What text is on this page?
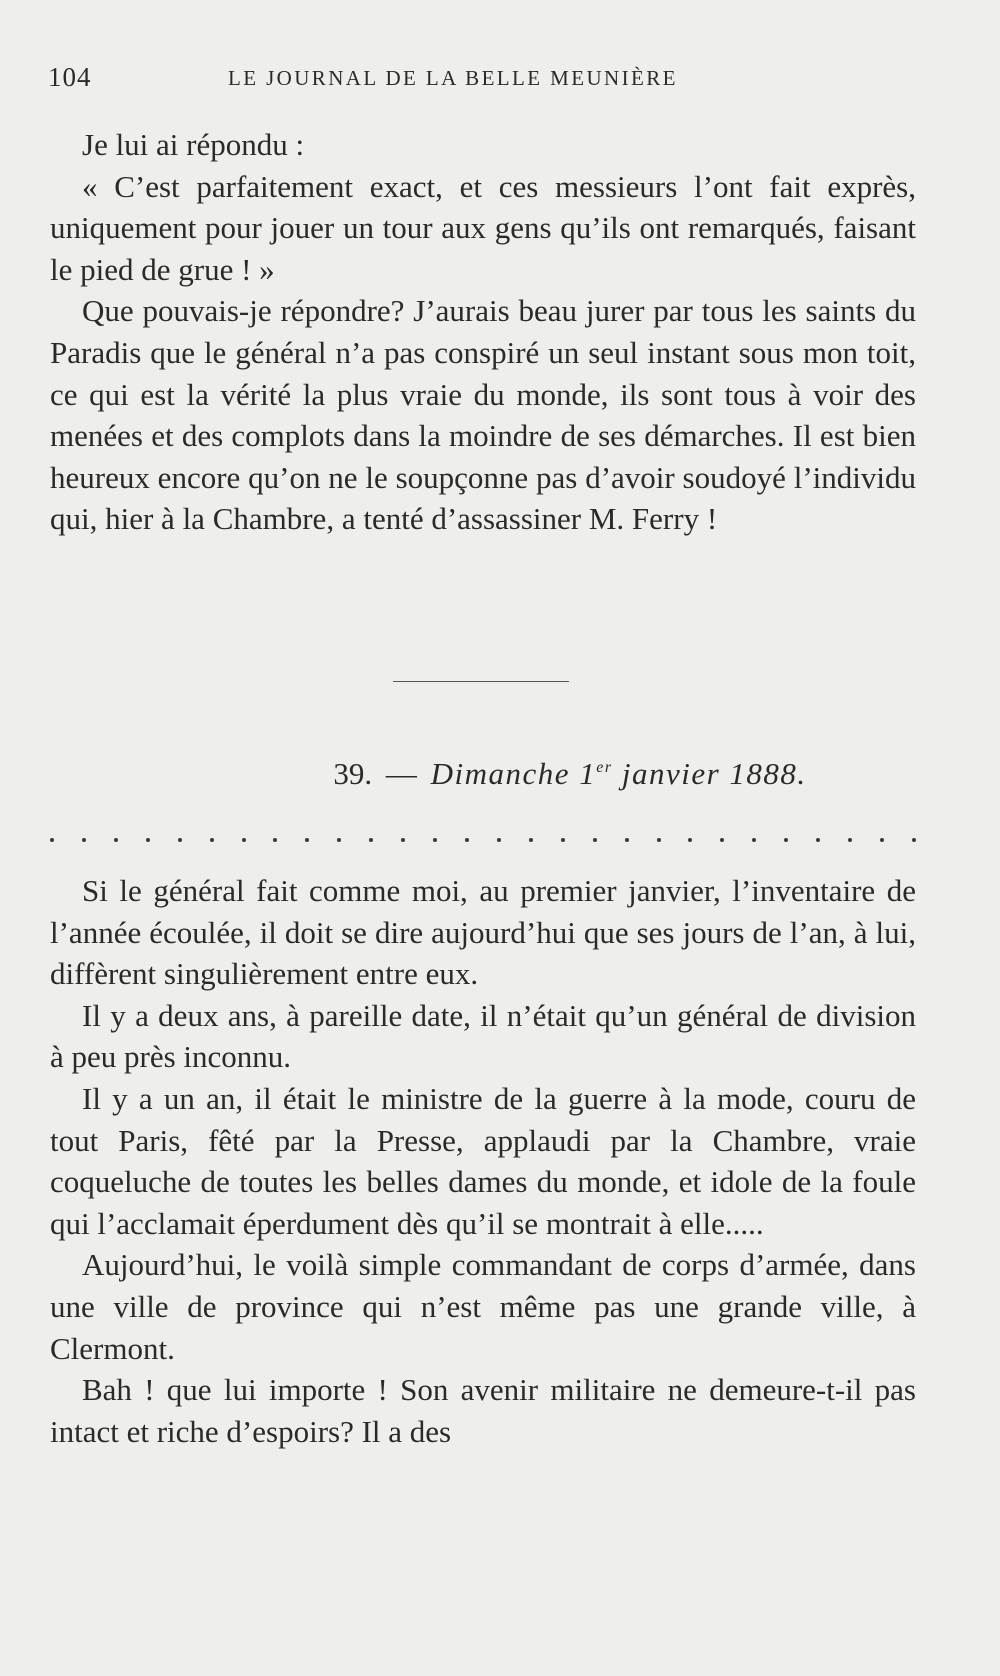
104	LE JOURNAL DE LA BELLE MEUNIÈRE

Je lui ai répondu :

« C’est parfaitement exact, et ces messieurs l’ont fait exprès, uniquement pour jouer un tour aux gens qu’ils ont remarqués, faisant le pied de grue ! »

Que pouvais-je répondre? J’aurais beau jurer par tous les saints du Paradis que le général n’a pas conspiré un seul instant sous mon toit, ce qui est la vérité la plus vraie du monde, ils sont tous à voir des menées et des complots dans la moindre de ses démarches. Il est bien heureux encore qu’on ne le soupçonne pas d’avoir soudoyé l’individu qui, hier à la Chambre, a tenté d’assassiner M. Ferry !

39. — Dimanche 1er janvier 1888.

Si le général fait comme moi, au premier janvier, l’inventaire de l’année écoulée, il doit se dire aujourd’hui que ses jours de l’an, à lui, diffèrent singulièrement entre eux.

Il y a deux ans, à pareille date, il n’était qu’un général de division à peu près inconnu.

Il y a un an, il était le ministre de la guerre à la mode, couru de tout Paris, fêté par la Presse, applaudi par la Chambre, vraie coqueluche de toutes les belles dames du monde, et idole de la foule qui l’acclamait éperdument dès qu’il se montrait à elle.....

Aujourd’hui, le voilà simple commandant de corps d’armée, dans une ville de province qui n’est même pas une grande ville, à Clermont.

Bah ! que lui importe ! Son avenir militaire ne demeure-t-il pas intact et riche d’espoirs? Il a des
